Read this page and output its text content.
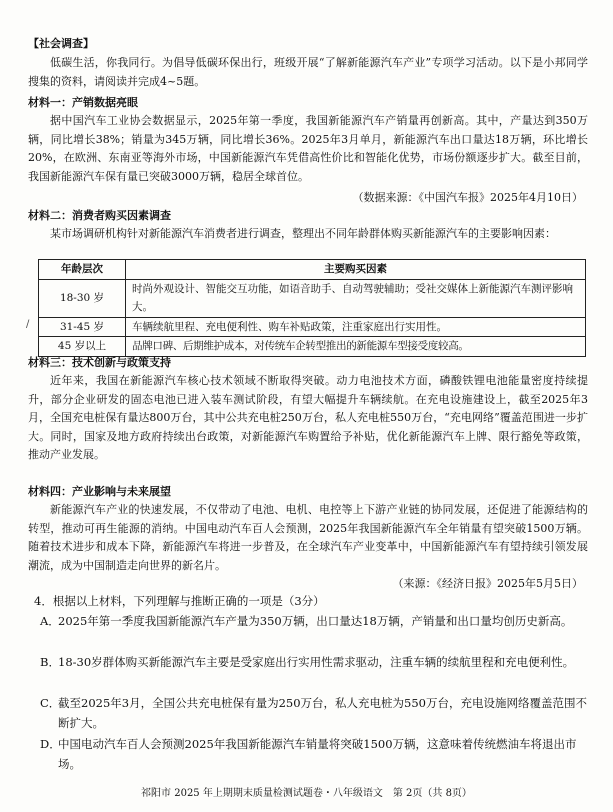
【社会调查】
低碳生活，你我同行。为倡导低碳环保出行，班级开展“了解新能源汽车产业”专项学习活动。以下是小邦同学搜集的资料，请阅读并完成4~5题。
材料一：产销数据亮眼
据中国汽车工业协会数据显示，2025年第一季度，我国新能源汽车产销量再创新高。其中，产量达到350万辆，同比增长38%；销量为345万辆，同比增长36%。2025年3月单月，新能源汽车出口量达18万辆，环比增长20%，在欧洲、东南亚等海外市场，中国新能源汽车凭借高性价比和智能化优势，市场份额逐步扩大。截至目前，我国新能源汽车保有量已突破3000万辆，稳居全球首位。
（数据来源：《中国汽车报》2025年4月10日）
材料二：消费者购买因素调查
某市场调研机构针对新能源汽车消费者进行调查，整理出不同年龄群体购买新能源汽车的主要影响因素：
年龄层次	主要购买因素
18-30 岁	时尚外观设计、智能交互功能，如语音助手、自动驾驶辅助；受社交媒体上新能源汽车测评影响大。
31-45 岁	车辆续航里程、充电便利性、购车补贴政策，注重家庭出行实用性。
45 岁以上	品牌口碑、后期维护成本，对传统车企转型推出的新能源车型接受度较高。
/
材料三：技术创新与政策支持
近年来，我国在新能源汽车核心技术领域不断取得突破。动力电池技术方面，磷酸铁锂电池能量密度持续提升，部分企业研发的固态电池已进入装车测试阶段，有望大幅提升车辆续航。在充电设施建设上，截至2025年3月，全国充电桩保有量达800万台，其中公共充电桩250万台，私人充电桩550万台，“充电网络”覆盖范围进一步扩大。同时，国家及地方政府持续出台政策，对新能源汽车购置给予补贴，优化新能源汽车上牌、限行豁免等政策，推动产业发展。
材料四：产业影响与未来展望
新能源汽车产业的快速发展，不仅带动了电池、电机、电控等上下游产业链的协同发展，还促进了能源结构的转型，推动可再生能源的消纳。中国电动汽车百人会预测，2025年我国新能源汽车全年销量有望突破1500万辆。随着技术进步和成本下降，新能源汽车将进一步普及，在全球汽车产业变革中，中国新能源汽车有望持续引领发展潮流，成为中国制造走向世界的新名片。
（来源：《经济日报》2025年5月5日）
4．根据以上材料，下列理解与推断正确的一项是（3分）
A．
2025年第一季度我国新能源汽车产量为350万辆，出口量达18万辆，产销量和出口量均创历史新高。
B．
18-30岁群体购买新能源汽车主要是受家庭出行实用性需求驱动，注重车辆的续航里程和充电便利性。
C．
截至2025年3月，全国公共充电桩保有量为250万台，私人充电桩为550万台，充电设施网络覆盖范围不断扩大。
D．
中国电动汽车百人会预测2025年我国新能源汽车销量将突破1500万辆，这意味着传统燃油车将退出市场。
祁阳市 2025 年上期期末质量检测试题卷・八年级语文　第 2页（共 8页）
